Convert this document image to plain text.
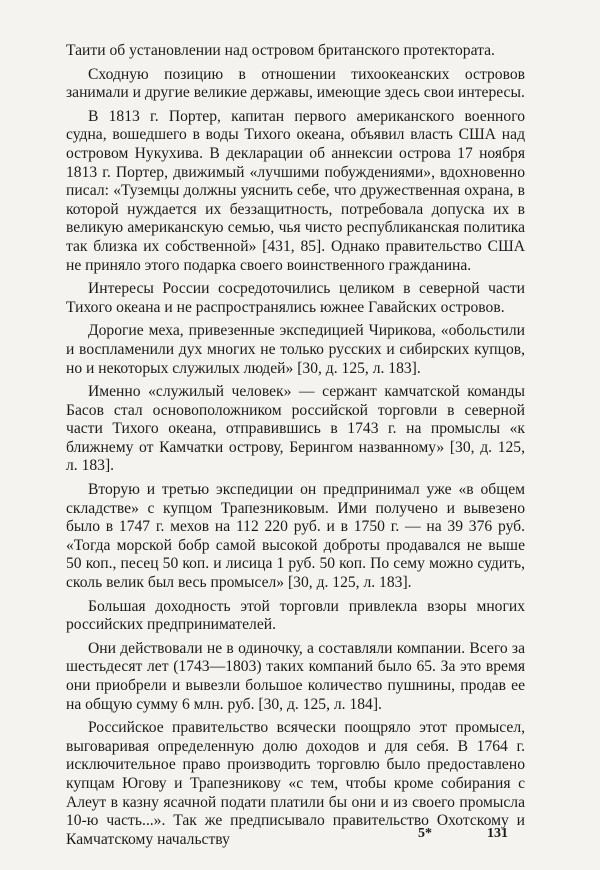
Таити об установлении над островом британского протектората.

Сходную позицию в отношении тихоокеанских островов занимали и другие великие державы, имеющие здесь свои интересы.

В 1813 г. Портер, капитан первого американского военного судна, вошедшего в воды Тихого океана, объявил власть США над островом Нукухива. В декларации об аннексии острова 17 ноября 1813 г. Портер, движимый «лучшими побуждениями», вдохновенно писал: «Туземцы должны уяснить себе, что дружественная охрана, в которой нуждается их беззащитность, потребовала допуска их в великую американскую семью, чья чисто республиканская политика так близка их собственной» [431, 85]. Однако правительство США не приняло этого подарка своего воинственного гражданина.

Интересы России сосредоточились целиком в северной части Тихого океана и не распространялись южнее Гавайских островов.

Дорогие меха, привезенные экспедицией Чирикова, «обольстили и воспламенили дух многих не только русских и сибирских купцов, но и некоторых служилых людей» [30, д. 125, л. 183].

Именно «служилый человек» — сержант камчатской команды Басов стал основоположником российской торговли в северной части Тихого океана, отправившись в 1743 г. на промыслы «к ближнему от Камчатки острову, Берингом названному» [30, д. 125, л. 183].

Вторую и третью экспедиции он предпринимал уже «в общем складстве» с купцом Трапезниковым. Ими получено и вывезено было в 1747 г. мехов на 112 220 руб. и в 1750 г. — на 39 376 руб. «Тогда морской бобр самой высокой доброты продавался не выше 50 коп., песец 50 коп. и лисица 1 руб. 50 коп. По сему можно судить, сколь велик был весь промысел» [30, д. 125, л. 183].

Большая доходность этой торговли привлекла взоры многих российских предпринимателей.

Они действовали не в одиночку, а составляли компании. Всего за шестьдесят лет (1743—1803) таких компаний было 65. За это время они приобрели и вывезли большое количество пушнины, продав ее на общую сумму 6 млн. руб. [30, д. 125, л. 184].

Российское правительство всячески поощряло этот промысел, выговаривая определенную долю доходов и для себя. В 1764 г. исключительное право производить торговлю было предоставлено купцам Югову и Трапезникову «с тем, чтобы кроме собирания с Алеут в казну ясачной подати платили бы они и из своего промысла 10-ю часть...». Так же предписывало правительство Охотскому и Камчатскому начальству	5*	131
